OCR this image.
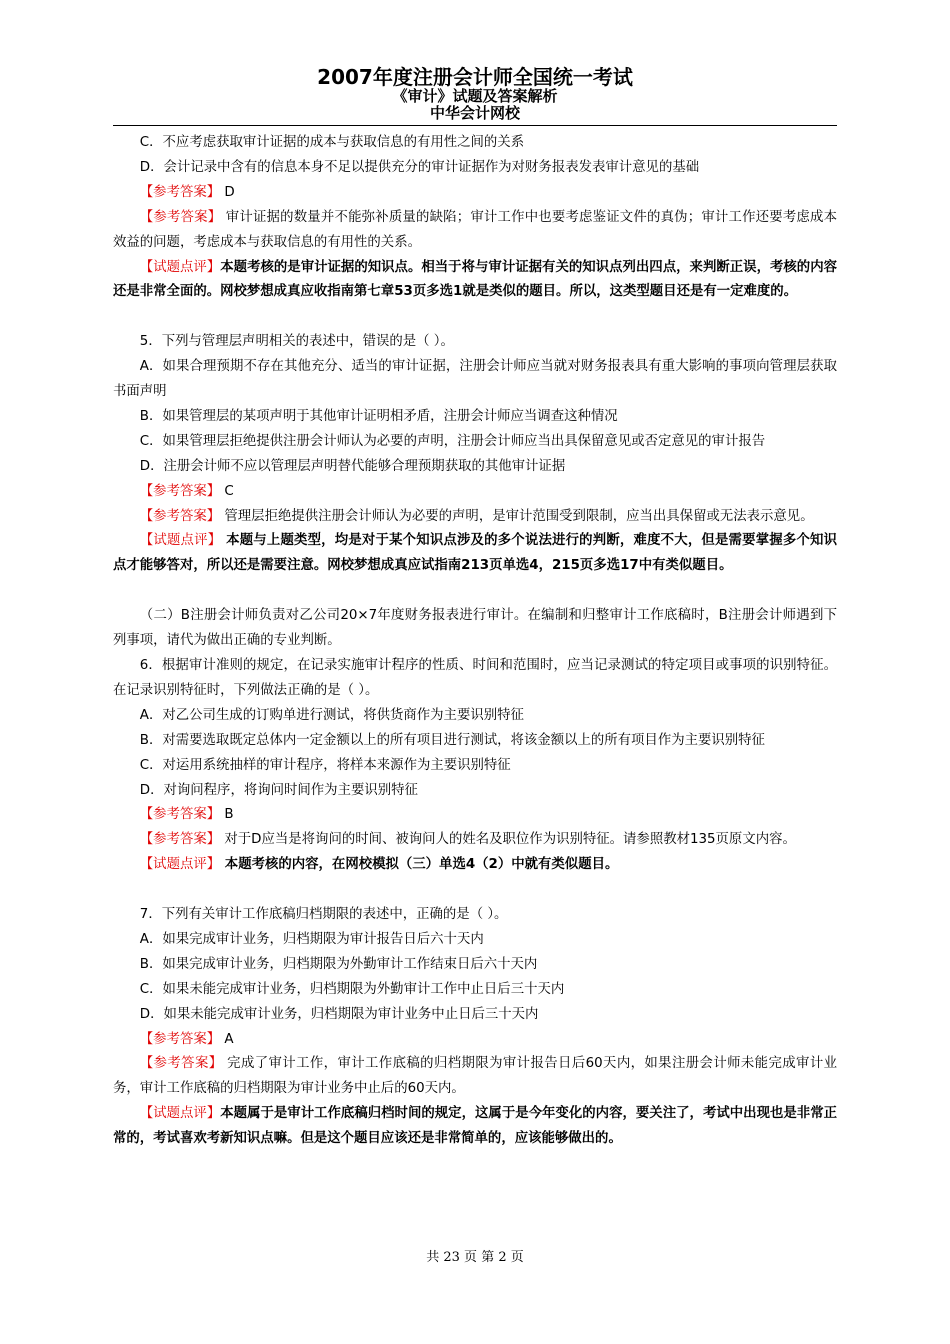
2007年度注册会计师全国统一考试
《审计》试题及答案解析
中华会计网校

C．不应考虑获取审计证据的成本与获取信息的有用性之间的关系

D．会计记录中含有的信息本身不足以提供充分的审计证据作为对财务报表发表审计意见的基础

【参考答案】 D

【参考答案】 审计证据的数量并不能弥补质量的缺陷；审计工作中也要考虑鉴证文件的真伪；审计工作还要考虑成本效益的问题，考虑成本与获取信息的有用性的关系。

【试题点评】本题考核的是审计证据的知识点。相当于将与审计证据有关的知识点列出四点，来判断正误，考核的内容还是非常全面的。网校梦想成真应收指南第七章53页多选1就是类似的题目。所以，这类型题目还是有一定难度的。

5．下列与管理层声明相关的表述中，错误的是（ ）。

A．如果合理预期不存在其他充分、适当的审计证据，注册会计师应当就对财务报表具有重大影响的事项向管理层获取书面声明

B．如果管理层的某项声明于其他审计证明相矛盾，注册会计师应当调查这种情况

C．如果管理层拒绝提供注册会计师认为必要的声明，注册会计师应当出具保留意见或否定意见的审计报告

D．注册会计师不应以管理层声明替代能够合理预期获取的其他审计证据

【参考答案】 C

【参考答案】 管理层拒绝提供注册会计师认为必要的声明，是审计范围受到限制，应当出具保留或无法表示意见。

【试题点评】 本题与上题类型，均是对于某个知识点涉及的多个说法进行的判断，难度不大，但是需要掌握多个知识点才能够答对，所以还是需要注意。网校梦想成真应试指南213页单选4，215页多选17中有类似题目。

（二）B注册会计师负责对乙公司20×7年度财务报表进行审计。在编制和归整审计工作底稿时，B注册会计师遇到下列事项，请代为做出正确的专业判断。

6．根据审计准则的规定，在记录实施审计程序的性质、时间和范围时，应当记录测试的特定项目或事项的识别特征。在记录识别特征时，下列做法正确的是（ ）。

A．对乙公司生成的订购单进行测试，将供货商作为主要识别特征

B．对需要选取既定总体内一定金额以上的所有项目进行测试，将该金额以上的所有项目作为主要识别特征

C．对运用系统抽样的审计程序，将样本来源作为主要识别特征

D．对询问程序，将询问时间作为主要识别特征

【参考答案】 B

【参考答案】 对于D应当是将询问的时间、被询问人的姓名及职位作为识别特征。请参照教材135页原文内容。

【试题点评】 本题考核的内容，在网校模拟（三）单选4（2）中就有类似题目。

7．下列有关审计工作底稿归档期限的表述中，正确的是（ ）。

A．如果完成审计业务，归档期限为审计报告日后六十天内

B．如果完成审计业务，归档期限为外勤审计工作结束日后六十天内

C．如果未能完成审计业务，归档期限为外勤审计工作中止日后三十天内

D．如果未能完成审计业务，归档期限为审计业务中止日后三十天内

【参考答案】 A

【参考答案】 完成了审计工作，审计工作底稿的归档期限为审计报告日后60天内，如果注册会计师未能完成审计业务，审计工作底稿的归档期限为审计业务中止后的60天内。

【试题点评】本题属于是审计工作底稿归档时间的规定，这属于是今年变化的内容，要关注了，考试中出现也是非常正常的，考试喜欢考新知识点嘛。但是这个题目应该还是非常简单的，应该能够做出的。

共 23 页 第 2 页
